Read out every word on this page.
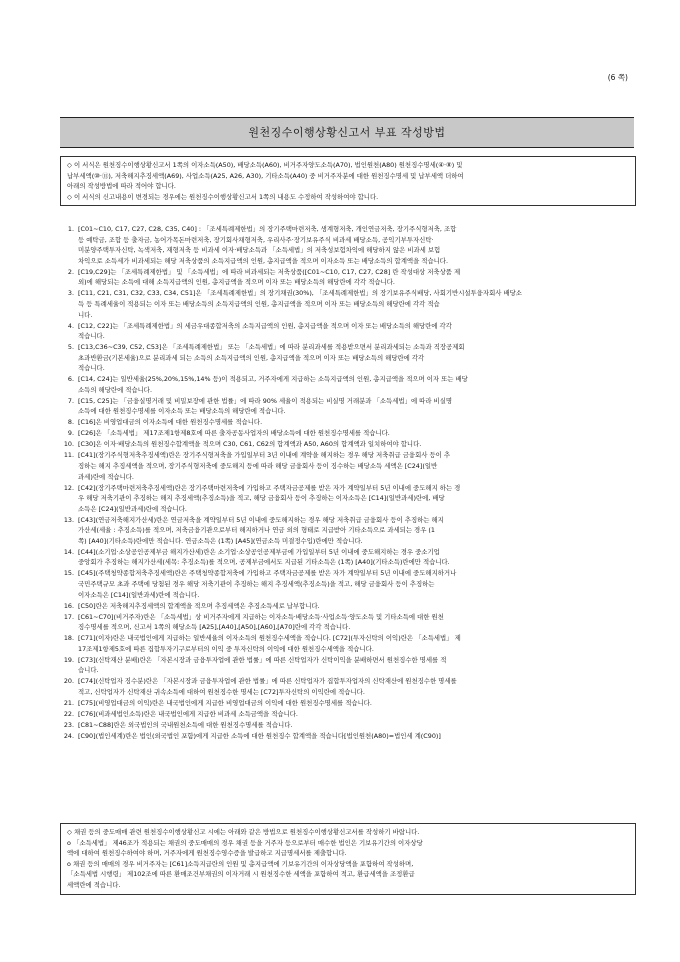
(6 쪽)
원천징수이행상황신고서 부표 작성방법
◇ 이 서식은 원천징수이행상황신고서 1쪽의 이자소득(A50), 배당소득(A60), 비거주자양도소득(A70), 법인원천(A80) 원천징수명세(④·⑧) 및
납부세액(⑩·⑪), 저축해지추징세액(A69), 사업소득(A25, A26, A30), 기타소득(A40) 중 비거주자분에 대한 원천징수명세 및 납부세액 더하여
아래의 작성방법에 따라 적어야 합니다.
◇ 이 서식의 신고내용이 변경되는 경우에는 원천징수이행상황신고서 1쪽의 내용도 수정하여 작성하여야 합니다.
1. [C01~C10, C17, C27, C28, C35, C40] : 「조세특례제한법」의 장기주택마련저축, 생계형저축, 개인연금저축, 장기주식형저축, 조합
등 예탁금, 조합 등 출자금, 농어가목돈마련저축, 장기회사채형저축, 우리사주·장기보유주식 비과세 배당소득, 공익기부투자신탁·
미분양주택투자신탁, 녹색저축, 재형저축 등 비과세 이자·배당소득과 「소득세법」의 저축성보험차익에 해당하지 않은 비과세 보험
차익으로 소득세가 비과세되는 해당 저축상품의 소득지급액의 인원, 총지급액을 적으며 이자소득 또는 배당소득의 합계액을 적습니다.
2. [C19,C29]는 「조세특례제한법」 및 「소득세법」에 따라 비과세되는 저축상품([C01~C10, C17, C27, C28] 란 작성대상 저축상품 제
외)에 해당되는 소득에 대해 소득지급액의 인원, 총지급액을 적으며 이자 또는 배당소득의 해당란에 각각 적습니다.
3. [C11, C21, C31, C32, C33, C34, C51]은 「조세특례제한법」의 장기채권(30%), 「조세특례제한법」의 장기보유주식배당, 사회기반시설투융자회사 배당소
득 등 특례세율이 적용되는 이자 또는 배당소득의 소득지급액의 인원, 총지급액을 적으며 이자 또는 배당소득의 해당란에 각각 적습
니다.
4. [C12, C22]는 「조세특례제한법」의 세금우대종합저축의 소득지급액의 인원, 총지급액을 적으며 이자 또는 배당소득의 해당란에 각각
적습니다.
5. [C13,C36~C39, C52, C53]은 「조세특례제한법」 또는 「소득세법」에 따라 분리과세를 적용받으면서 분리과세되는 소득과 직장공제회
초과반환금(기본세율)으로 분리과세 되는 소득의 소득지급액의 인원, 총지급액을 적으며 이자 또는 배당소득의 해당란에 각각
적습니다.
6. [C14, C24]는 일반세율(25%,20%,15%,14% 등)이 적용되고, 거주자에게 지급하는 소득지급액의 인원, 총지급액을 적으며 이자 또는 배당
소득의 해당란에 적습니다.
7. [C15, C25]는 「금융실명거래 및 비밀보장에 관한 법률」에 따라 90% 세율이 적용되는 비실명 거래분과 「소득세법」에 따라 비실명
소득에 대한 원천징수명세를 이자소득 또는 배당소득의 해당란에 적습니다.
8. [C16]은 비영업대금의 이자소득에 대한 원천징수명세를 적습니다.
9. [C26]은 「소득세법」 제17조제1항제8호에 따른 출자공동사업자의 배당소득에 대한 원천징수명세를 적습니다.
10. [C30]은 이자·배당소득의 원천징수합계액을 적으며 C30, C61, C62의 합계액과 A50, A60의 합계액과 일치하여야 합니다.
11. [C41](장기주식형저축추징세액)란은 장기주식형저축을 가입일부터 3년 이내에 계약을 해지하는 경우 해당 저축취급 금융회사 등이 추
징하는 해지 추징세액을 적으며, 장기주식형저축에 중도해지 등에 따라 해당 금융회사 등이 징수하는 배당소득 세액은 [C24](일반
과세)란에 적습니다.
12. [C42](장기주택마련저축추징세액)란은 장기주택마련저축에 가입하고 주택자금공제를 받은 자가 계약일부터 5년 이내에 중도해지 하는 경
우 해당 저축기관이 추징하는 해지 추징세액(추징소득)을 적고, 해당 금융회사 등이 추징하는 이자소득은 [C14](일반과세)란에, 배당
소득은 [C24](일반과세)란에 적습니다.
13. [C43](연금저축해지가산세)란은 연금저축을 계약일부터 5년 이내에 중도해지하는 경우 해당 저축취급 금융회사 등이 추징하는 해지
가산세(세율 : 추징소득)를 적으며, 저축금융기관으로부터 해지하거나 연금 외의 형태로 지급받아 기타소득으로 과세되는 경우 (1
쪽) [A40](기타소득)란에만 적습니다. 연금소득은 (1쪽) [A45](연금소득 미결정수입)란에만 적습니다.
14. [C44](소기업·소상공인공제부금 해지가산세)란은 소기업·소상공인공제부금에 가입일부터 5년 이내에 중도해지하는 경우 중소기업
중앙회가 추징하는 해지가산세(세목: 추징소득)를 적으며, 공제부금에서도 지급된 기타소득은 (1쪽) [A40](기타소득)란에만 적습니다.
15. [C45](주택청약종합저축추징세액)란은 주택청약종합저축에 가입하고 주택자금공제를 받은 자가 계약일부터 5년 이내에 중도해지하거나
국민주택규모 초과 주택에 당첨된 경우 해당 저축기관이 추징하는 해지 추징세액(추징소득)을 적고, 해당 금융회사 등이 추징하는
이자소득은 [C14](일반과세)란에 적습니다.
16. [C50]란은 저축해지추징세액의 합계액을 적으며 추징세액은 추징소득세로 납부합니다.
17. [C61~C70](비거주자)란은 「소득세법」상 비거주자에게 지급하는 이자소득·배당소득·사업소득·양도소득 및 기타소득에 대한 원천
징수명세를 적으며, 신고서 1쪽의 해당소득 [A25],[A40],[A50],[A60],[A70]란에 각각 적습니다.
18. [C71](이자)란은 내국법인에게 지급하는 일반세율의 이자소득의 원천징수세액을 적습니다. [C72](투자신탁의 이익)란은 「소득세법」 제
17조제1항제5호에 따른 집합투자기구로부터의 이익 중 투자신탁의 이익에 대한 원천징수세액을 적습니다.
19. [C73](신탁재산 분배)란은 「자본시장과 금융투자업에 관한 법률」에 따른 신탁업자가 신탁이익을 분배하면서 원천징수한 명세를 적
습니다.
20. [C74](신탁업자 징수분)란은 「자본시장과 금융투자업에 관한 법률」에 따른 신탁업자가 집합투자업자의 신탁재산에 원천징수한 명세를
적고, 신탁업자가 신탁재산 귀속소득에 대하여 원천징수한 명세는 [C72]투자신탁의 이익란에 적습니다.
21. [C75](비영업대금의 이익)란은 내국법인에게 지급한 비영업대금의 이익에 대한 원천징수명세를 적습니다.
22. [C76](비과세법인소득)란은 내국법인에게 지급한 비과세 소득금액을 적습니다.
23. [C81~C88]란은 외국법인의 국내원천소득에 대한 원천징수명세를 적습니다.
24. [C90](법인세계)란은 법인(외국법인 포함)에게 지급한 소득에 대한 원천징수 합계액을 적습니다[법인원천(A80)=법인세 계(C90)]
◇ 채권 등의 중도매매 관련 원천징수이행상황신고 시에는 아래와 같은 방법으로 원천징수이행상황신고서를 작성하기 바랍니다.
o 「소득세법」 제46조가 적용되는 채권의 중도매매의 경우 채권 등을 거주자 등으로부터 매수한 법인은 기보유기간의 이자상당
액에 대하여 원천징수하여야 하며, 거주자에게 원천징수영수증을 발급하고 지급명세서를 제출합니다.
o 채권 등의 매매의 경우 비거주자는 [C61]소득지급란의 인원 및 총지급액에 기보유기간의 이자상당액을 포함하여 작성하며,
「소득세법 시행령」 제102조에 따른 환매조건부채권의 이자거래 시 원천징수한 세액을 포함하여 적고, 환급세액을 조정환급
세액란에 적습니다.
